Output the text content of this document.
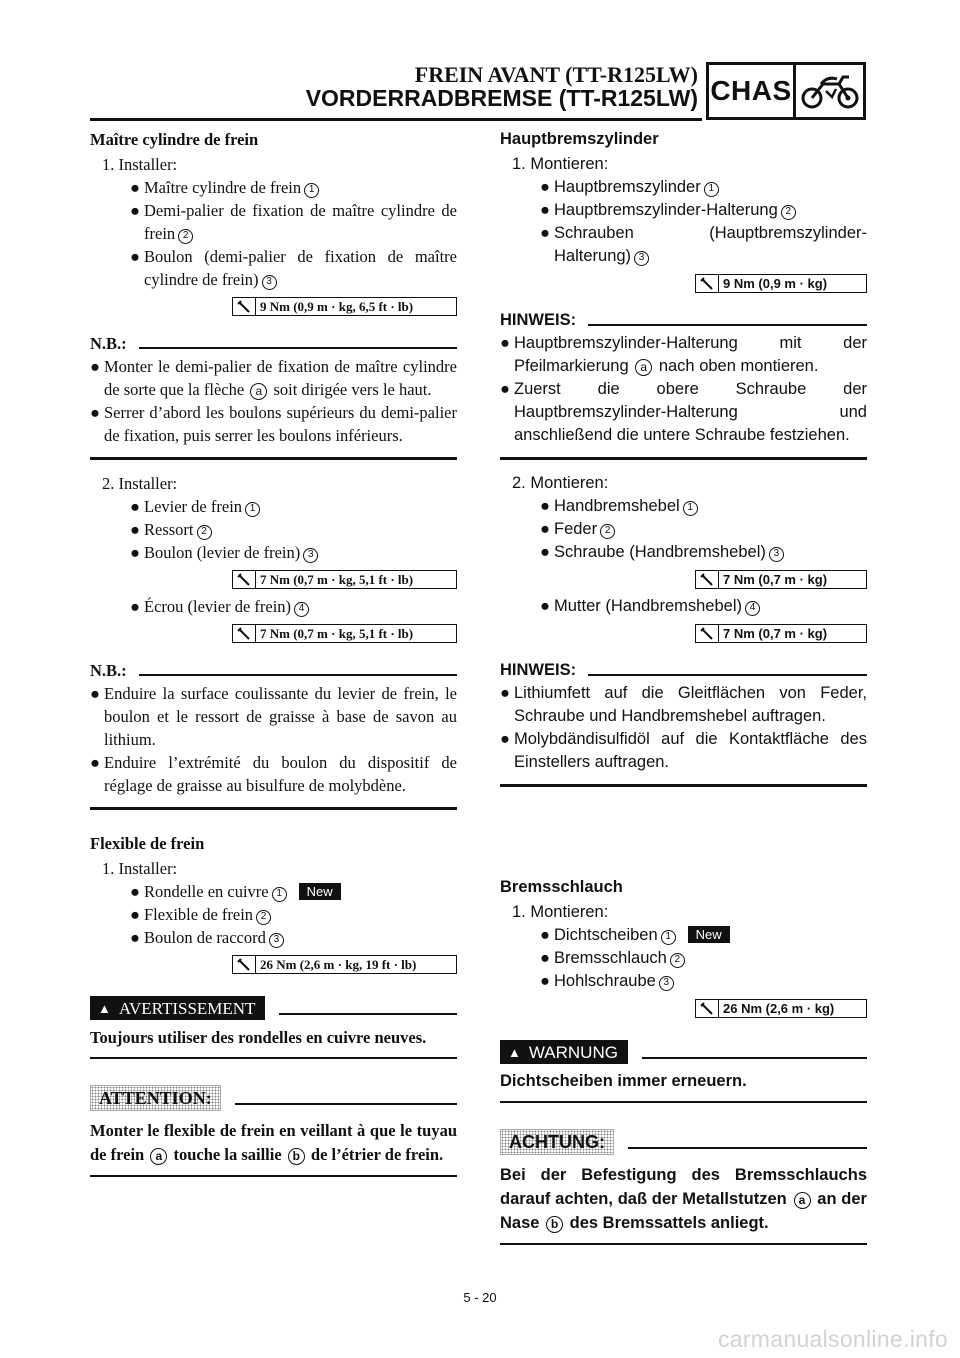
FREIN AVANT (TT-R125LW)
VORDERRADBREMSE (TT-R125LW) CHAS
Maître cylindre de frein
1. Installer:
● Maître cylindre de frein 1
● Demi-palier de fixation de maître cylindre de frein 2
● Boulon (demi-palier de fixation de maître cylindre de frein) 3
9 Nm (0,9 m · kg, 6,5 ft · lb)
N.B.:

● Monter le demi-palier de fixation de maître cylindre de sorte que la flèche a soit dirigée vers le haut.

● Serrer d’abord les boulons supérieurs du demi-palier de fixation, puis serrer les boulons inférieurs.

2. Installer:
● Levier de frein 1
● Ressort 2
● Boulon (levier de frein) 3
7 Nm (0,7 m · kg, 5,1 ft · lb)
● Écrou (levier de frein) 4
7 Nm (0,7 m · kg, 5,1 ft · lb)
N.B.:

● Enduire la surface coulissante du levier de frein, le boulon et le ressort de graisse à base de savon au lithium.

● Enduire l’extrémité du boulon du dispositif de réglage de graisse au bisulfure de molybdène.

Flexible de frein
1. Installer:
● Rondelle en cuivre 1 New
● Flexible de frein 2
● Boulon de raccord 3
26 Nm (2,6 m · kg, 19 ft · lb)
▲ AVERTISSEMENT

Toujours utiliser des rondelles en cuivre neuves.

ATTENTION:

Monter le flexible de frein en veillant à que le tuyau de frein a touche la saillie b de l’étrier de frein.

Hauptbremszylinder
1. Montieren:
● Hauptbremszylinder 1
● Hauptbremszylinder-Halterung 2
● Schrauben (Hauptbremszylinder-Halterung) 3
9 Nm (0,9 m · kg)
HINWEIS:

● Hauptbremszylinder-Halterung mit der Pfeilmarkierung a nach oben montieren.

● Zuerst die obere Schraube der Hauptbremszylinder-Halterung und anschließend die untere Schraube festziehen.

2. Montieren:
● Handbremshebel 1
● Feder 2
● Schraube (Handbremshebel) 3
7 Nm (0,7 m · kg)
● Mutter (Handbremshebel) 4
7 Nm (0,7 m · kg)
HINWEIS:

● Lithiumfett auf die Gleitflächen von Feder, Schraube und Handbremshebel auftragen.

● Molybdändisulfidöl auf die Kontaktfläche des Einstellers auftragen.

Bremsschlauch
1. Montieren:
● Dichtscheiben 1 New
● Bremsschlauch 2
● Hohlschraube 3
26 Nm (2,6 m · kg)
▲ WARNUNG

Dichtscheiben immer erneuern.

ACHTUNG:

Bei der Befestigung des Bremsschlauchs darauf achten, daß der Metallstutzen a an der Nase b des Bremssattels anliegt.

5 - 20
carmanualsonline.info
